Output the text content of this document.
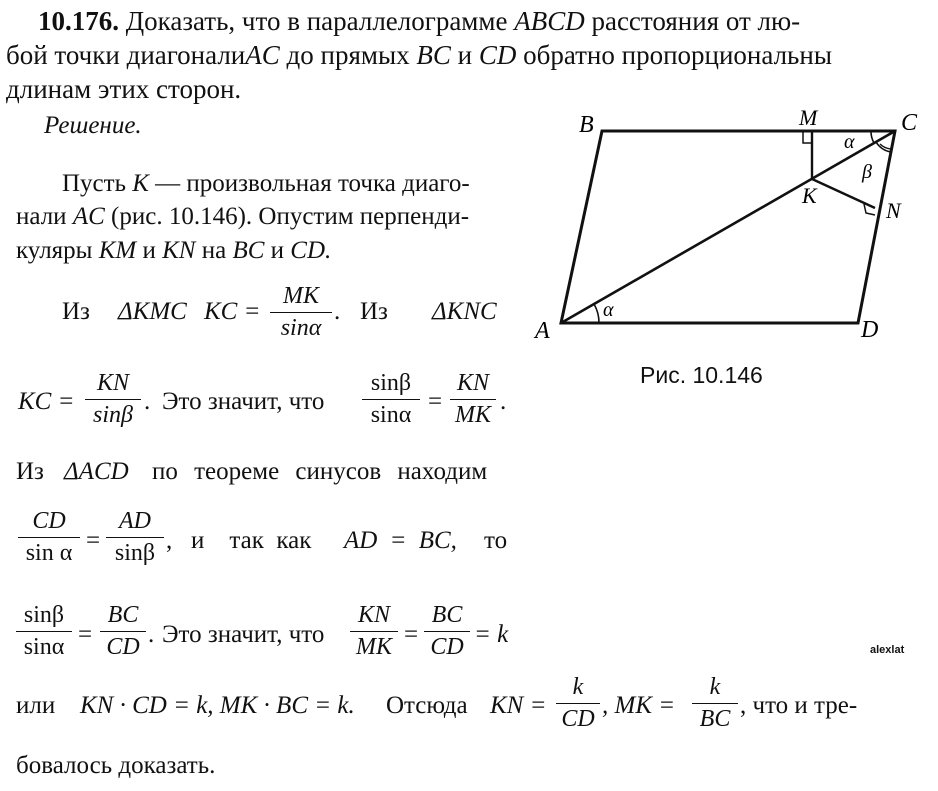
10.176. Доказать, что в параллелограмме ABCD расстояния от лю-
бой точки диагоналиAC до прямых BC и CD обратно пропорциональны
длинам этих сторон.
Решение.
Пусть K — произвольная точка диаго-
нали AC (рис. 10.146). Опустим перпенди-
куляры KM и KN на BC и CD.
Из ΔKMC KC =
MK
sinα
. Из ΔKNC
KC =
KN
sinβ . Это значит, что
sinβ
sinα =
KN
MK .
Из ΔACD по теореме синусов находим
CD
sin α =
AD
sinβ ,   и    так  как AD = BC, то
sinβ
sinα =
BC
CD . Это значит, что
KN
MK =
BC
CD = k
alexlat
или KN · CD = k, MK · BC = k. Отсюда KN =
k
CD , MK =
k
BC , что и тре-
бовалось доказать.
B	C
A	D
M
K
N
α
β
α
Рис. 10.146
